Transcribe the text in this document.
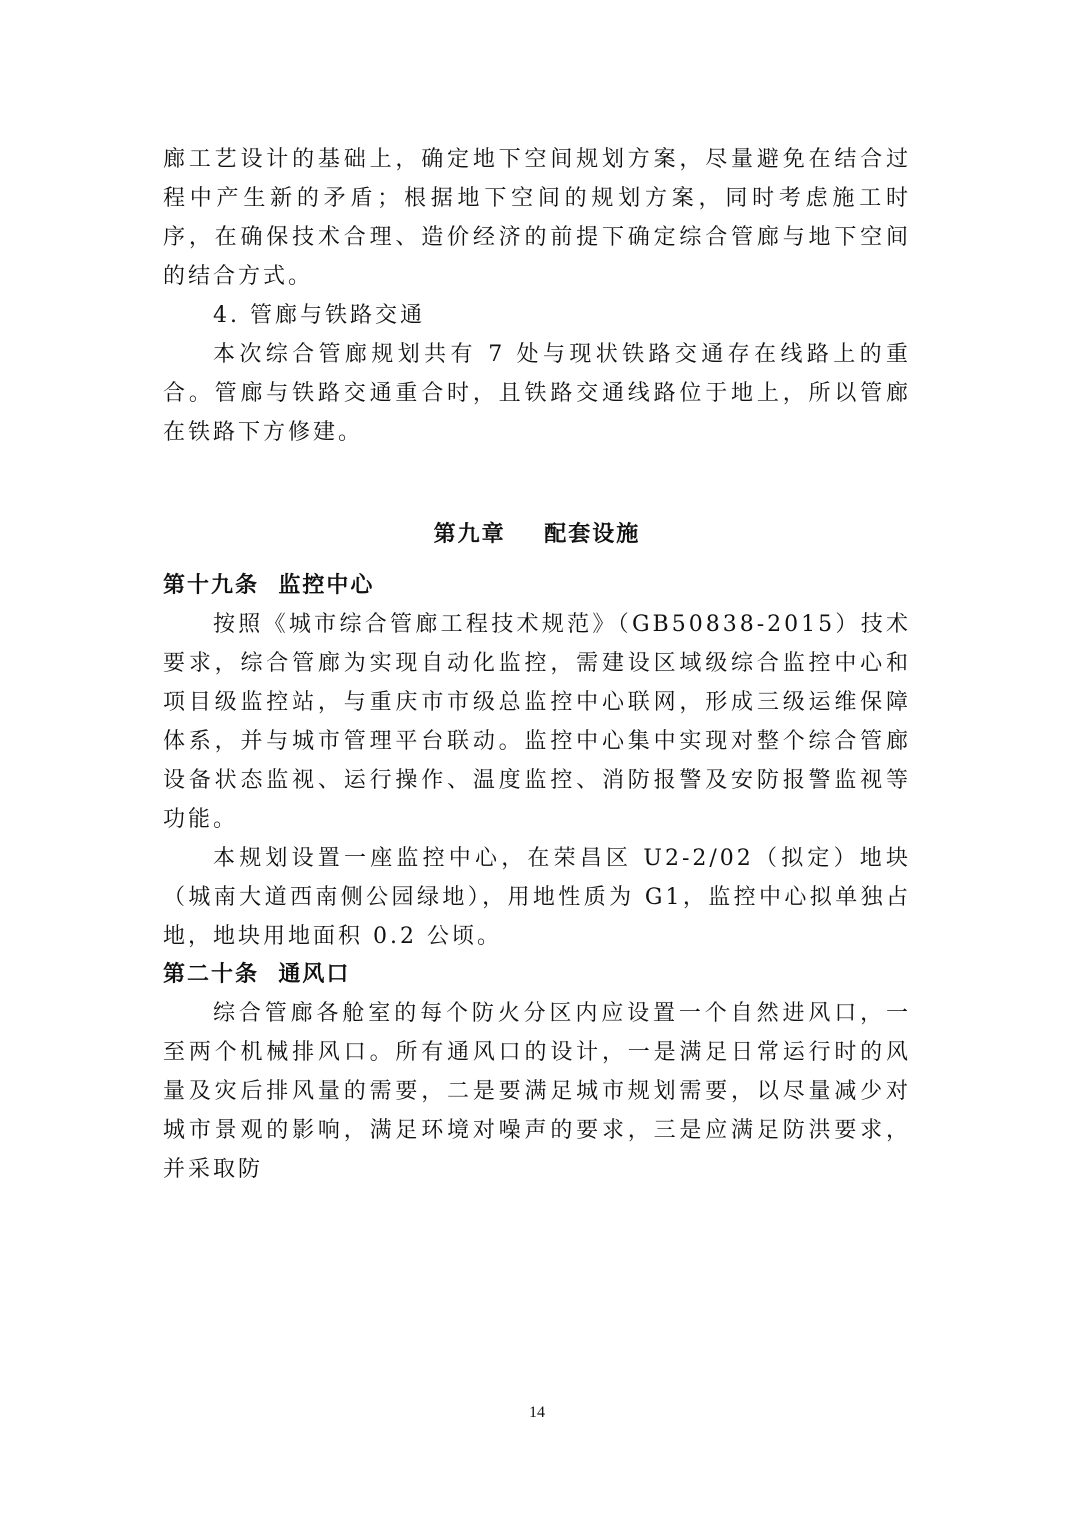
廊工艺设计的基础上，确定地下空间规划方案，尽量避免在结合过程中产生新的矛盾；根据地下空间的规划方案，同时考虑施工时序，在确保技术合理、造价经济的前提下确定综合管廊与地下空间的结合方式。

4. 管廊与铁路交通

本次综合管廊规划共有 7 处与现状铁路交通存在线路上的重合。管廊与铁路交通重合时，且铁路交通线路位于地上，所以管廊在铁路下方修建。

第九章    配套设施
第十九条  监控中心

按照《城市综合管廊工程技术规范》（GB50838-2015）技术要求，综合管廊为实现自动化监控，需建设区域级综合监控中心和项目级监控站，与重庆市市级总监控中心联网，形成三级运维保障体系，并与城市管理平台联动。监控中心集中实现对整个综合管廊设备状态监视、运行操作、温度监控、消防报警及安防报警监视等功能。

本规划设置一座监控中心，在荣昌区 U2-2/02（拟定）地块（城南大道西南侧公园绿地），用地性质为 G1，监控中心拟单独占地，地块用地面积 0.2 公顷。

第二十条  通风口

综合管廊各舱室的每个防火分区内应设置一个自然进风口，一至两个机械排风口。所有通风口的设计，一是满足日常运行时的风量及灾后排风量的需要，二是要满足城市规划需要，以尽量减少对城市景观的影响，满足环境对噪声的要求，三是应满足防洪要求，并采取防

14
